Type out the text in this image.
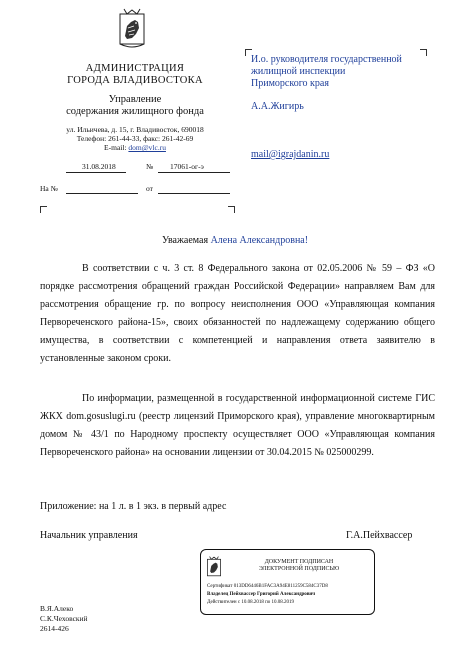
АДМИНИСТРАЦИЯ
ГОРОДА ВЛАДИВОСТОКА
Управление
содержания жилищного фонда
ул. Ильичева, д. 15, г. Владивосток, 690018
Телефон: 261-44-33, факс: 261-42-69
E-mail: dom@vlc.ru
31.08.2018	№ 17061-ог-э
На №	от
И.о. руководителя государственной
жилищной инспекции
Приморского края
А.А.Жигирь
mail@igrajdanin.ru
Уважаемая Алена Александровна!
В соответствии с ч. 3 ст. 8 Федерального закона от 02.05.2006 № 59 – ФЗ «О порядке рассмотрения обращений граждан Российской Федерации» направляем Вам для рассмотрения обращение гр. по вопросу неисполнения ООО «Управляющая компания Первореченского района-15», своих обязанностей по надлежащему содержанию общего имущества, в соответствии с компетенцией и направления ответа заявителю в установленные законом сроки.
По информации, размещенной в государственной информационной системе ГИС ЖКХ dom.gosuslugi.ru (реестр лицензий Приморского края), управление многоквартирным домом № 43/1 по Народному проспекту осуществляет ООО «Управляющая компания Первореченского района» на основании лицензии от 30.04.2015 № 025000299.
Приложение: на 1 л. в 1 экз. в первый адрес
Начальник управления	Г.А.Пейхвассер
ДОКУМЕНТ ПОДПИСАН
ЭЛЕКТРОННОЙ ПОДПИСЬЮ
Сертификат 013DD6446B1FAC3A94E811259C584C37D8
Владелец Пейхвассер Григорий Александрович
Действителен с 10.08.2018 по 10.08.2019
В.Я.Алеко
С.К.Чеховский
2614-426
